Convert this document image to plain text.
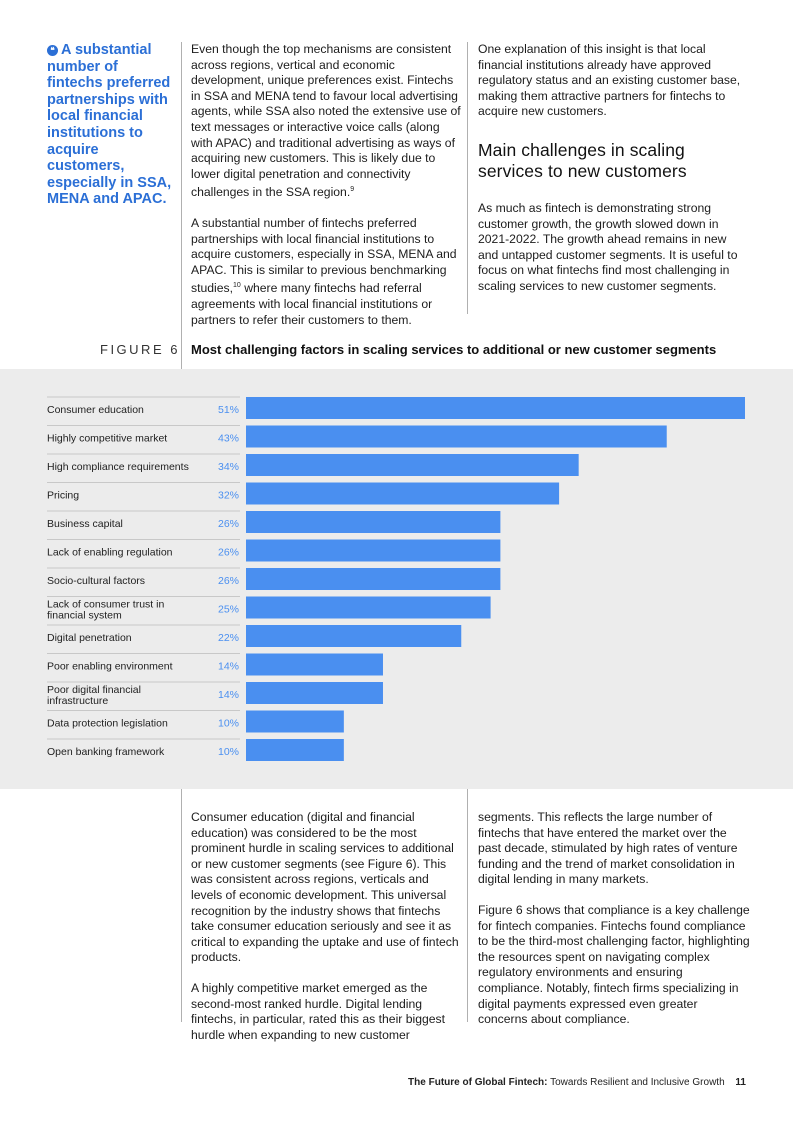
❝ A substantial number of fintechs preferred partnerships with local financial institutions to acquire customers, especially in SSA, MENA and APAC.

Even though the top mechanisms are consistent across regions, vertical and economic development, unique preferences exist. Fintechs in SSA and MENA tend to favour local advertising agents, while SSA also noted the extensive use of text messages or interactive voice calls (along with APAC) and traditional advertising as ways of acquiring new customers. This is likely due to lower digital penetration and connectivity challenges in the SSA region.$^9$

A substantial number of fintechs preferred partnerships with local financial institutions to acquire customers, especially in SSA, MENA and APAC. This is similar to previous benchmarking studies,$^{10}$ where many fintechs had referral agreements with local financial institutions or partners to refer their customers to them.

One explanation of this insight is that local financial institutions already have approved regulatory status and an existing customer base, making them attractive partners for fintechs to acquire new customers.

Main challenges in scaling services to new customers

As much as fintech is demonstrating strong customer growth, the growth slowed down in 2021-2022. The growth ahead remains in new and untapped customer segments. It is useful to focus on what fintechs find most challenging in scaling services to new customer segments.

FIGURE 6 Most challenging factors in scaling services to additional or new customer segments
Consumer education	51%
Highly competitive market	43%
High compliance requirements	34%
Pricing	32%
Business capital	26%
Lack of enabling regulation	26%
Socio-cultural factors	26%
Lack of consumer trust in financial system	25%
Digital penetration	22%
Poor enabling environment	14%
Poor digital financial infrastructure	14%
Data protection legislation	10%
Open banking framework	10%

Consumer education (digital and financial education) was considered to be the most prominent hurdle in scaling services to additional or new customer segments (see Figure 6). This was consistent across regions, verticals and levels of economic development. This universal recognition by the industry shows that fintechs take consumer education seriously and see it as critical to expanding the uptake and use of fintech products.

A highly competitive market emerged as the second-most ranked hurdle. Digital lending fintechs, in particular, rated this as their biggest hurdle when expanding to new customer

segments. This reflects the large number of fintechs that have entered the market over the past decade, stimulated by high rates of venture funding and the trend of market consolidation in digital lending in many markets.

Figure 6 shows that compliance is a key challenge for fintech companies. Fintechs found compliance to be the third-most challenging factor, highlighting the resources spent on navigating complex regulatory environments and ensuring compliance. Notably, fintech firms specializing in digital payments expressed even greater concerns about compliance.

The Future of Global Fintech: Towards Resilient and Inclusive Growth 11
